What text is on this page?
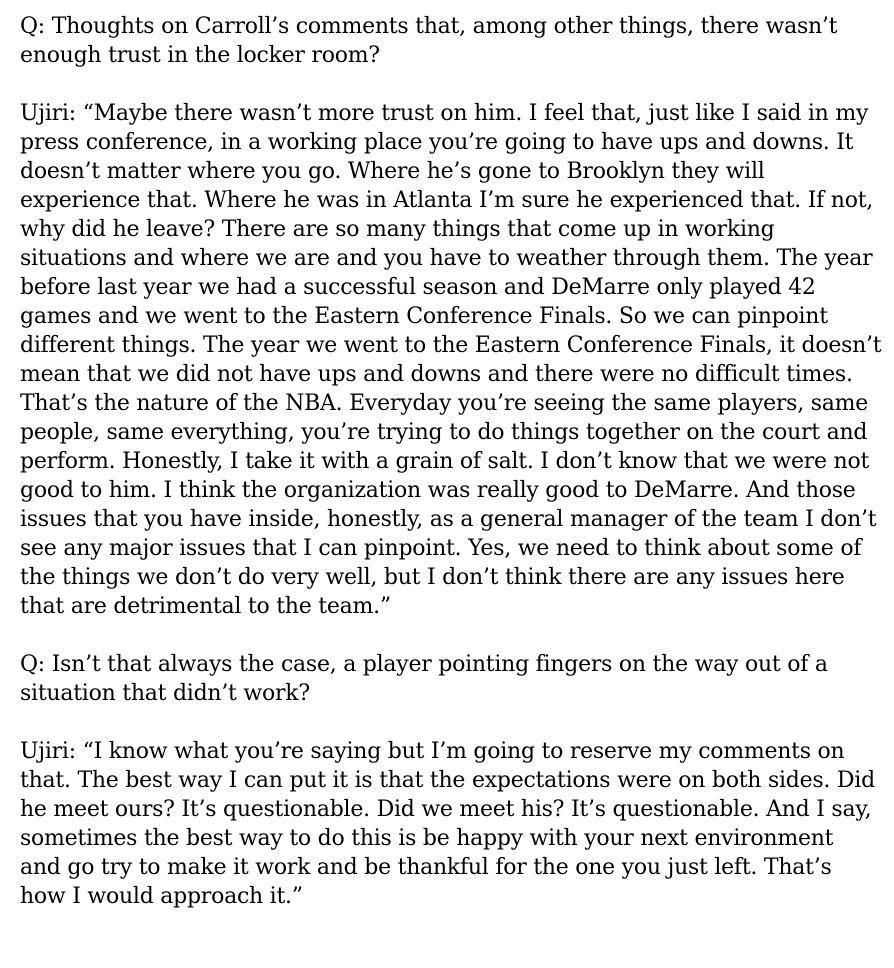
Q: Thoughts on Carroll’s comments that, among other things, there wasn’t
enough trust in the locker room?
Ujiri: “Maybe there wasn’t more trust on him. I feel that, just like I said in my
press conference, in a working place you’re going to have ups and downs. It
doesn’t matter where you go. Where he’s gone to Brooklyn they will
experience that. Where he was in Atlanta I’m sure he experienced that. If not,
why did he leave? There are so many things that come up in working
situations and where we are and you have to weather through them. The year
before last year we had a successful season and DeMarre only played 42
games and we went to the Eastern Conference Finals. So we can pinpoint
different things. The year we went to the Eastern Conference Finals, it doesn’t
mean that we did not have ups and downs and there were no difficult times.
That’s the nature of the NBA. Everyday you’re seeing the same players, same
people, same everything, you’re trying to do things together on the court and
perform. Honestly, I take it with a grain of salt. I don’t know that we were not
good to him. I think the organization was really good to DeMarre. And those
issues that you have inside, honestly, as a general manager of the team I don’t
see any major issues that I can pinpoint. Yes, we need to think about some of
the things we don’t do very well, but I don’t think there are any issues here
that are detrimental to the team.”
Q: Isn’t that always the case, a player pointing fingers on the way out of a
situation that didn’t work?
Ujiri: “I know what you’re saying but I’m going to reserve my comments on
that. The best way I can put it is that the expectations were on both sides. Did
he meet ours? It’s questionable. Did we meet his? It’s questionable. And I say,
sometimes the best way to do this is be happy with your next environment
and go try to make it work and be thankful for the one you just left. That’s
how I would approach it.”
